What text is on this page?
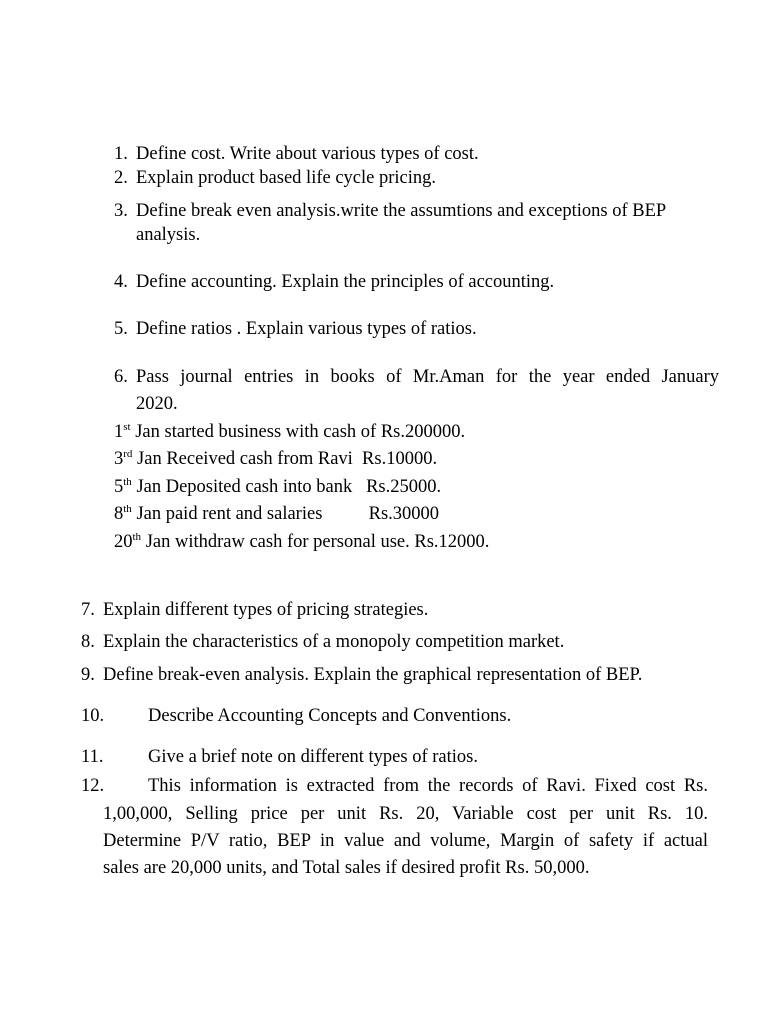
1. Define cost. Write about various types of cost.
2. Explain product based life cycle pricing.
3. Define break even analysis.write the assumtions and exceptions of BEP
analysis.
4. Define accounting. Explain the principles of accounting.
5. Define ratios . Explain various types of ratios.
6. Pass journal entries in books of Mr.Aman for the year ended January
2020.
1st Jan started business with cash of Rs.200000.
3rd Jan Received cash from Ravi  Rs.10000.
5th Jan Deposited cash into bank   Rs.25000.
8th Jan paid rent and salaries          Rs.30000
20th Jan withdraw cash for personal use. Rs.12000.
7. Explain different types of pricing strategies.
8. Explain the characteristics of a monopoly competition market.
9. Define break-even analysis. Explain the graphical representation of BEP.
10. Describe Accounting Concepts and Conventions.
11. Give a brief note on different types of ratios.
12. This information is extracted from the records of Ravi. Fixed cost Rs.
1,00,000, Selling price per unit Rs. 20, Variable cost per unit Rs. 10.
Determine P/V ratio, BEP in value and volume, Margin of safety if actual
sales are 20,000 units, and Total sales if desired profit Rs. 50,000.
